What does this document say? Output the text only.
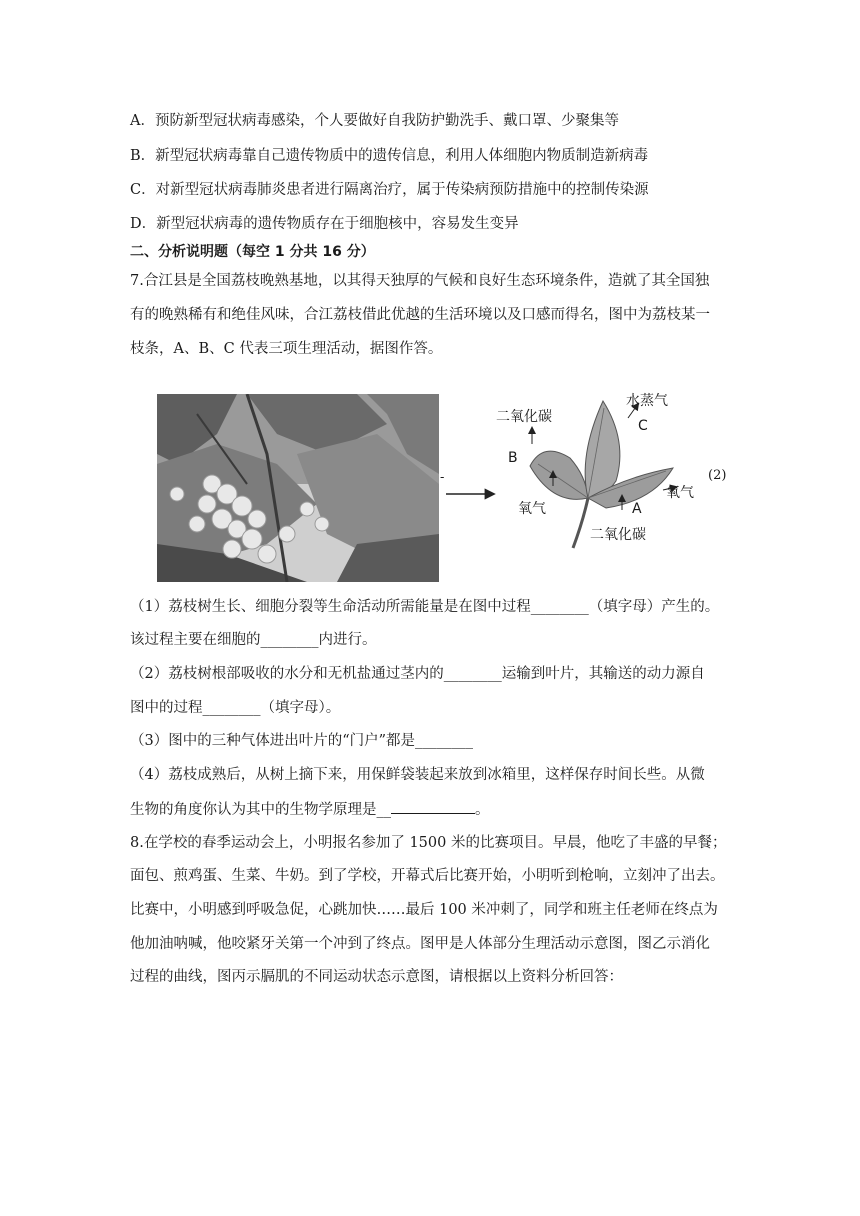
A．预防新型冠状病毒感染，个人要做好自我防护勤洗手、戴口罩、少聚集等
B．新型冠状病毒靠自己遗传物质中的遗传信息，利用人体细胞内物质制造新病毒
C．对新型冠状病毒肺炎患者进行隔离治疗，属于传染病预防措施中的控制传染源
D．新型冠状病毒的遗传物质存在于细胞核中，容易发生变异
二、分析说明题（每空 1 分共 16 分）
7.合江县是全国荔枝晚熟基地，以其得天独厚的气候和良好生态环境条件，造就了其全国独
有的晚熟稀有和绝佳风味，合江荔枝借此优越的生活环境以及口感而得名，图中为荔枝某一
枝条，A、B、C 代表三项生理活动，据图作答。
-
二氧化碳
水蒸气
C
B
氧气
氧气
A
二氧化碳
(2)
（1）荔枝树生长、细胞分裂等生命活动所需能量是在图中过程________（填字母）产生的。
该过程主要在细胞的________内进行。
（2）荔枝树根部吸收的水分和无机盐通过茎内的________运输到叶片，其输送的动力源自
图中的过程________（填字母）。
（3）图中的三种气体进出叶片的“门户”都是________
（4）荔枝成熟后，从树上摘下来，用保鲜袋装起来放到冰箱里，这样保存时间长些。从微
生物的角度你认为其中的生物学原理是__	。
8.在学校的春季运动会上，小明报名参加了 1500 米的比赛项目。早晨，他吃了丰盛的早餐；
面包、煎鸡蛋、生菜、牛奶。到了学校，开幕式后比赛开始，小明听到枪响，立刻冲了出去。
比赛中，小明感到呼吸急促，心跳加快……最后 100 米冲刺了，同学和班主任老师在终点为
他加油呐喊，他咬紧牙关第一个冲到了终点。图甲是人体部分生理活动示意图，图乙示消化
过程的曲线，图丙示膈肌的不同运动状态示意图，请根据以上资料分析回答：
